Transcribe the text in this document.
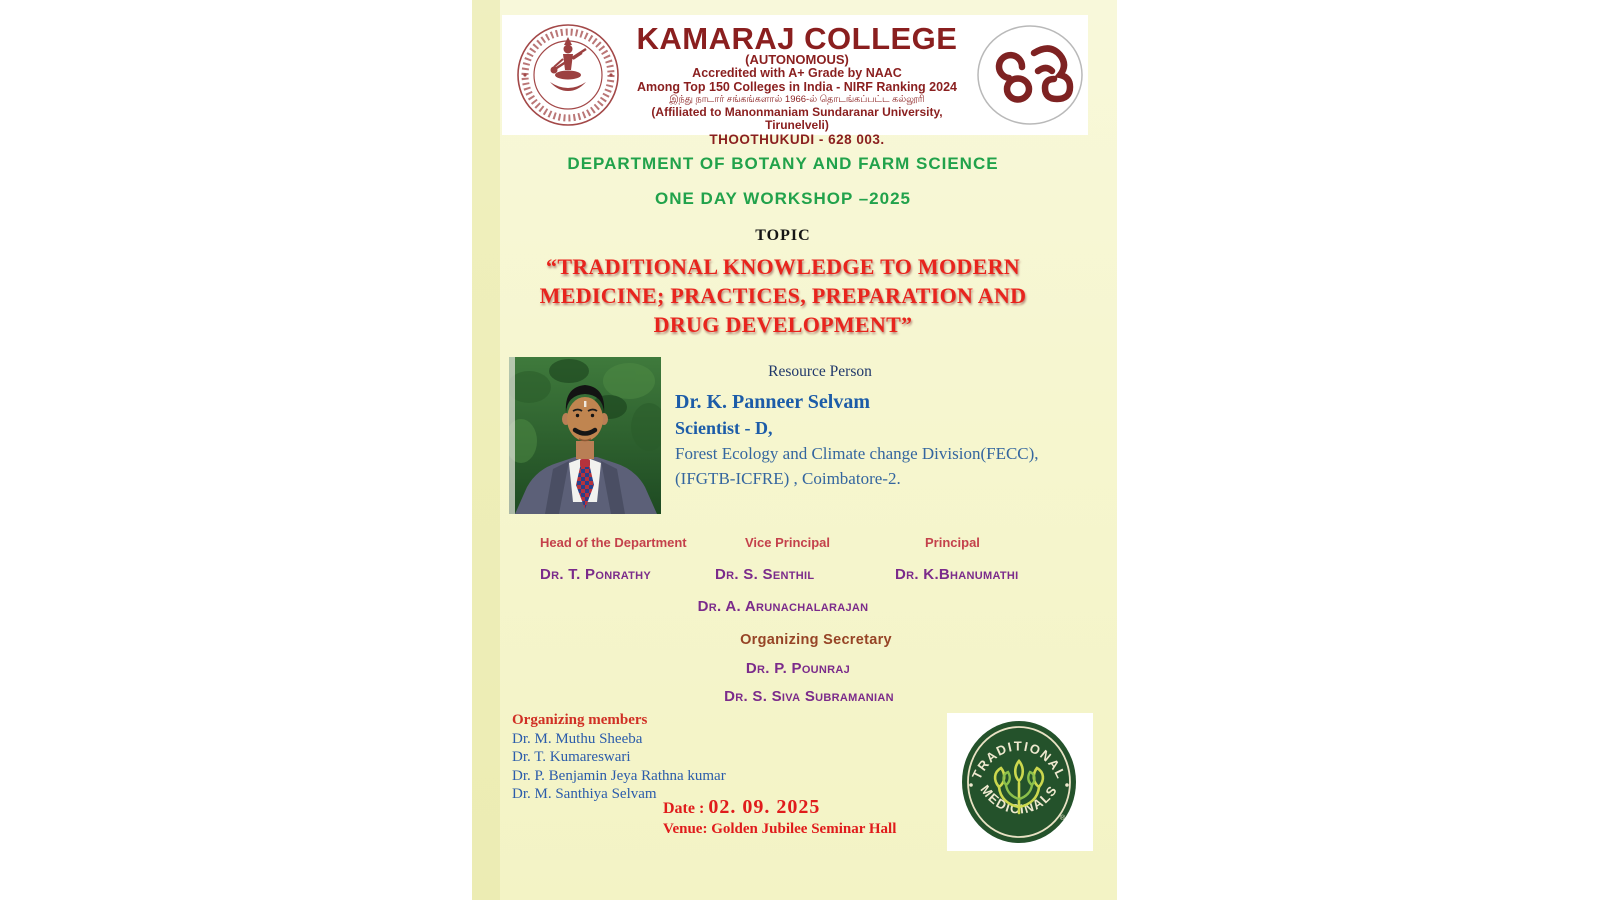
KAMARAJ COLLEGE
(AUTONOMOUS)
Accredited with A+ Grade by NAAC
Among Top 150 Colleges in India - NIRF Ranking 2024
இந்து நாடார் சங்கங்களால் 1966-ல் தொடங்கப்பட்ட கல்லூரி
(Affiliated to Manonmaniam Sundaranar University, Tirunelveli)
THOOTHUKUDI - 628 003.
DEPARTMENT OF BOTANY AND FARM SCIENCE
ONE DAY WORKSHOP –2025
TOPIC
“TRADITIONAL KNOWLEDGE TO MODERN
MEDICINE; PRACTICES, PREPARATION AND
DRUG DEVELOPMENT”
Resource Person
Dr. K. Panneer Selvam
Scientist - D,
Forest Ecology and Climate change Division(FECC),
(IFGTB-ICFRE) , Coimbatore-2.
Head of the Department	Vice Principal	Principal
Dr. T. Ponrathy	Dr. S. Senthil	Dr. K.Bhanumathi
Dr. A. Arunachalarajan
Organizing Secretary
Dr. P. Pounraj
Dr. S. Siva Subramanian
Organizing members
Dr. M. Muthu Sheeba
Dr. T. Kumareswari
Dr. P. Benjamin Jeya Rathna kumar
Dr. M. Santhiya Selvam
Date : 02. 09. 2025
Venue: Golden Jubilee Seminar Hall
TRADITIONAL
MEDICINALS
®
